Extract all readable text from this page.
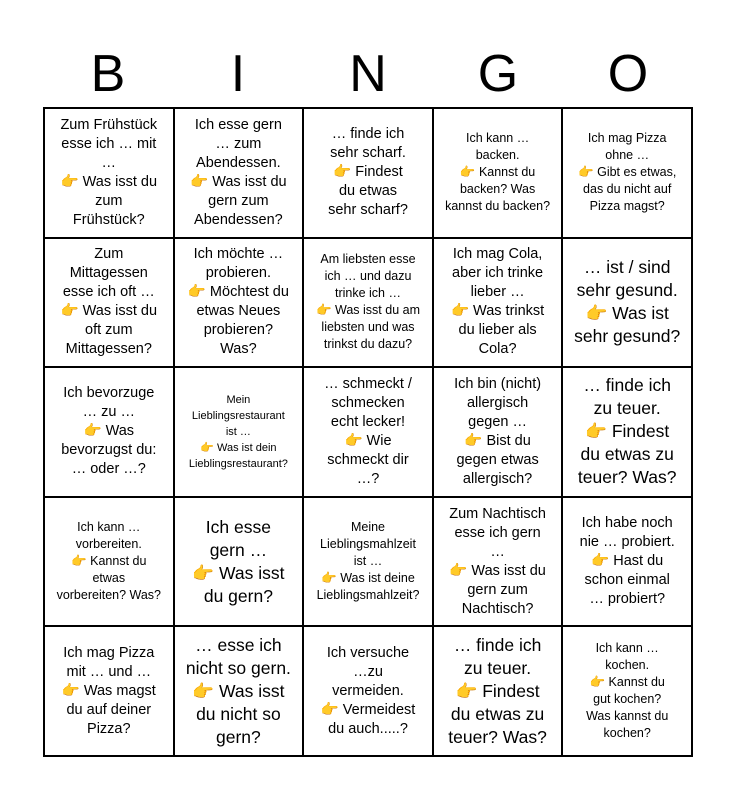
B	I	N	G	O
Zum Frühstück
esse ich … mit
…
👉 Was isst du
zum
Frühstück?
Ich esse gern
… zum
Abendessen.
👉 Was isst du
gern zum
Abendessen?
… finde ich
sehr scharf.
👉 Findest
du etwas
sehr scharf?
Ich kann …
backen.
👉 Kannst du
backen? Was
kannst du backen?
Ich mag Pizza
ohne …
👉 Gibt es etwas,
das du nicht auf
Pizza magst?
Zum
Mittagessen
esse ich oft …
👉 Was isst du
oft zum
Mittagessen?
Ich möchte …
probieren.
👉 Möchtest du
etwas Neues
probieren?
Was?
Am liebsten esse
ich … und dazu
trinke ich …
👉 Was isst du am
liebsten und was
trinkst du dazu?
Ich mag Cola,
aber ich trinke
lieber …
👉 Was trinkst
du lieber als
Cola?
… ist / sind
sehr gesund.
👉 Was ist
sehr gesund?
Ich bevorzuge
… zu …
👉 Was
bevorzugst du:
… oder …?
Mein
Lieblingsrestaurant
ist …
👉 Was ist dein
Lieblingsrestaurant?
… schmeckt /
schmecken
echt lecker!
👉 Wie
schmeckt dir
…?
Ich bin (nicht)
allergisch
gegen …
👉 Bist du
gegen etwas
allergisch?
… finde ich
zu teuer.
👉 Findest
du etwas zu
teuer? Was?
Ich kann …
vorbereiten.
👉 Kannst du
etwas
vorbereiten? Was?
Ich esse
gern …
👉 Was isst
du gern?
Meine
Lieblingsmahlzeit
ist …
👉 Was ist deine
Lieblingsmahlzeit?
Zum Nachtisch
esse ich gern
…
👉 Was isst du
gern zum
Nachtisch?
Ich habe noch
nie … probiert.
👉 Hast du
schon einmal
… probiert?
Ich mag Pizza
mit … und …
👉 Was magst
du auf deiner
Pizza?
… esse ich
nicht so gern.
👉 Was isst
du nicht so
gern?
Ich versuche
…zu
vermeiden.
👉 Vermeidest
du auch.....?
… finde ich
zu teuer.
👉 Findest
du etwas zu
teuer? Was?
Ich kann …
kochen.
👉 Kannst du
gut kochen?
Was kannst du
kochen?
